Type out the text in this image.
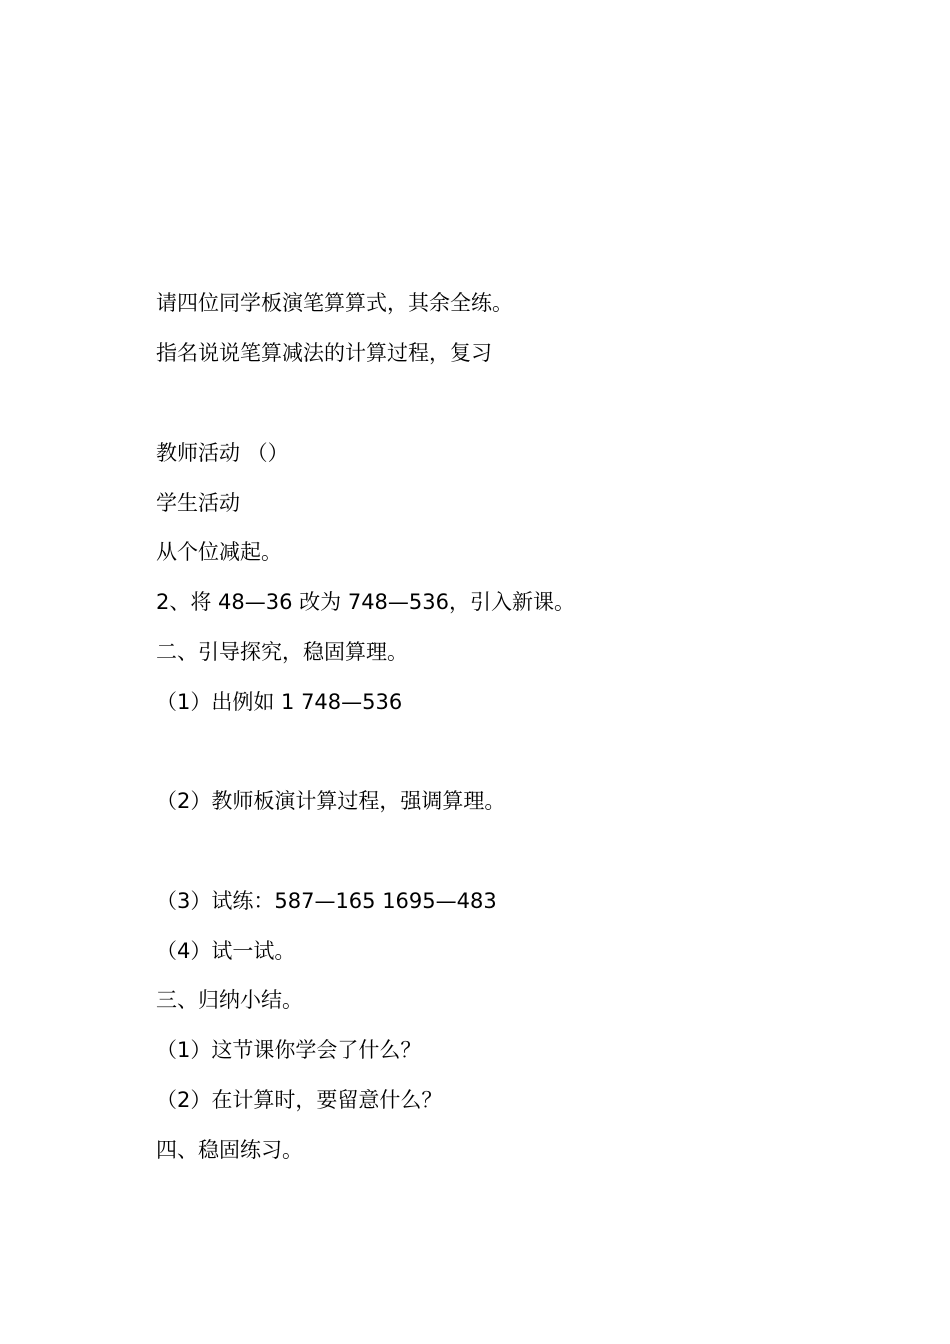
请四位同学板演笔算算式，其余全练。
指名说说笔算减法的计算过程，复习
教师活动 （）
学生活动
从个位减起。
2、将 48—36 改为 748—536，引入新课。
二、引导探究，稳固算理。
（1）出例如 1 748—536
（2）教师板演计算过程，强调算理。
（3）试练：587—165 1695—483
（4）试一试。
三、归纳小结。
（1）这节课你学会了什么？
（2）在计算时，要留意什么？
四、稳固练习。
